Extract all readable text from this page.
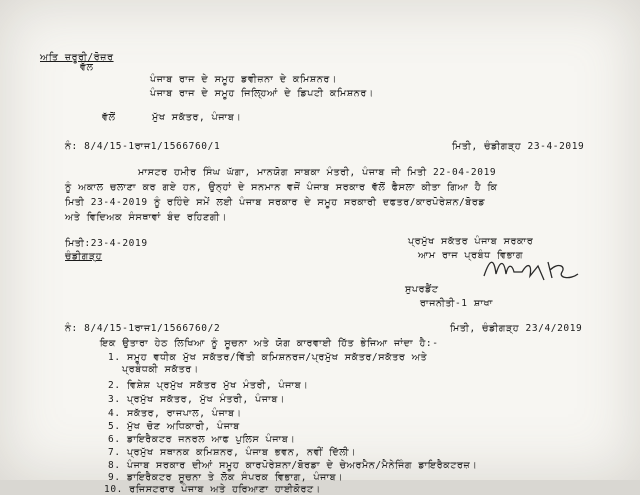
ਅਤਿ ਜ਼ਰੂਰੀ/ਰੋਜ਼ਰ
ਵੱਲ
ਪੰਜਾਬ ਰਾਜ ਦੇ ਸਮੂਹ ਡਵੀਜ਼ਨਾ ਦੇ ਕਮਿਸ਼ਨਰ।
ਪੰਜਾਬ ਰਾਜ ਦੇ ਸਮੂਹ ਜਿਲ੍ਹਿਆਂ ਦੇ ਡਿਪਟੀ ਕਮਿਸ਼ਨਰ।
ਵੱਲੋਂ	ਮੁੱਖ ਸਕੱਤਰ, ਪੰਜਾਬ।
ਨੰ: 8/4/15-1ਰਾਜ1/1566760/1	ਮਿਤੀ, ਚੰਡੀਗੜ੍ਹ 23-4-2019
ਮਾਸਟਰ ਹਮੀਰ ਸਿੰਘ ਘੱਗਾ, ਮਾਨਯੋਗ ਸਾਬਕਾ ਮੰਤਰੀ, ਪੰਜਾਬ ਜੀ ਮਿਤੀ 22-04-2019
ਨੂੰ ਅਕਾਲ ਚਲਾਣਾ ਕਰ ਗਏ ਹਨ, ਉਨ੍ਹਾਂ ਦੇ ਸਨਮਾਨ ਵਜੋਂ ਪੰਜਾਬ ਸਰਕਾਰ ਵੱਲੋਂ ਫੈਸਲਾ ਕੀਤਾ ਗਿਆ ਹੈ ਕਿ
ਮਿਤੀ 23-4-2019 ਨੂੰ ਰਹਿੰਦੇ ਸਮੇਂ ਲਈ ਪੰਜਾਬ ਸਰਕਾਰ ਦੇ ਸਮੂਹ ਸਰਕਾਰੀ ਦਫਤਰ/ਕਾਰਪੋਰੇਸ਼ਨ/ਬੋਰਡ
ਅਤੇ ਵਿਦਿਅਕ ਸੰਸਥਾਵਾਂ ਬੰਦ ਰਹਿਣਗੀ।
ਮਿਤੀ:23-4-2019
ਚੰਡੀਗੜ੍ਹ
ਪ੍ਰਮੁੱਖ ਸਕੱਤਰ ਪੰਜਾਬ ਸਰਕਾਰ
ਆਮ ਰਾਜ ਪ੍ਰਬੰਧ ਵਿਭਾਗ
ਸੁਪਰਡੈਂਟ
ਰਾਜਨੀਤੀ-1 ਸ਼ਾਖਾ
ਨੰ: 8/4/15-1ਰਾਜ1/1566760/2	ਮਿਤੀ, ਚੰਡੀਗੜ੍ਹ 23/4/2019
ਇਕ ਉਤਾਰਾ ਹੇਠ ਲਿਖਿਆ ਨੂੰ ਸੂਚਨਾ ਅਤੇ ਯੋਗ ਕਾਰਵਾਈ ਹਿੱਤ ਭੇਜਿਆ ਜਾਂਦਾ ਹੈ:-
1. ਸਮੂਹ ਵਧੀਕ ਮੁੱਖ ਸਕੱਤਰ/ਵਿੱਤੀ ਕਮਿਸ਼ਨਰਜ/ਪ੍ਰਮੁੱਖ ਸਕੱਤਰ/ਸਕੱਤਰ ਅਤੇ
ਪ੍ਰਬੰਧਕੀ ਸਕੱਤਰ।
2. ਵਿਸ਼ੇਸ਼ ਪ੍ਰਮੁੱਖ ਸਕੱਤਰ ਮੁੱਖ ਮੰਤਰੀ, ਪੰਜਾਬ।
3. ਪ੍ਰਮੁੱਖ ਸਕੱਤਰ, ਮੁੱਖ ਮੰਤਰੀ, ਪੰਜਾਬ।
4. ਸਕੱਤਰ, ਰਾਜਪਾਲ, ਪੰਜਾਬ।
5. ਮੁੱਖ ਚੋਣ ਅਧਿਕਾਰੀ, ਪੰਜਾਬ
6. ਡਾਇਰੈਕਟਰ ਜਨਰਲ ਆਫ ਪੁਲਿਸ ਪੰਜਾਬ।
7. ਪ੍ਰਮੁੱਖ ਸਥਾਨਕ ਕਮਿਸ਼ਨਰ, ਪੰਜਾਬ ਭਵਨ, ਨਵੀਂ ਦਿੱਲੀ।
8. ਪੰਜਾਬ ਸਰਕਾਰ ਦੀਆਂ ਸਮੂਹ ਕਾਰਪੋਰੇਸ਼ਨਾ/ਬੋਰਡਾ ਦੇ ਚੇਅਰਮੈਨ/ਮੈਨੇਜਿੰਗ ਡਾਇਰੈਕਟਰਜ਼।
9. ਡਾਇਰੈਕਟਰ ਸੂਚਨਾ ਤੇ ਲੋਕ ਸੰਪਰਕ ਵਿਭਾਗ, ਪੰਜਾਬ।
10. ਰਜਿਸਟਰਾਰ ਪੰਜਾਬ ਅਤੇ ਹਰਿਆਣਾ ਹਾਈਕੋਰਟ।
